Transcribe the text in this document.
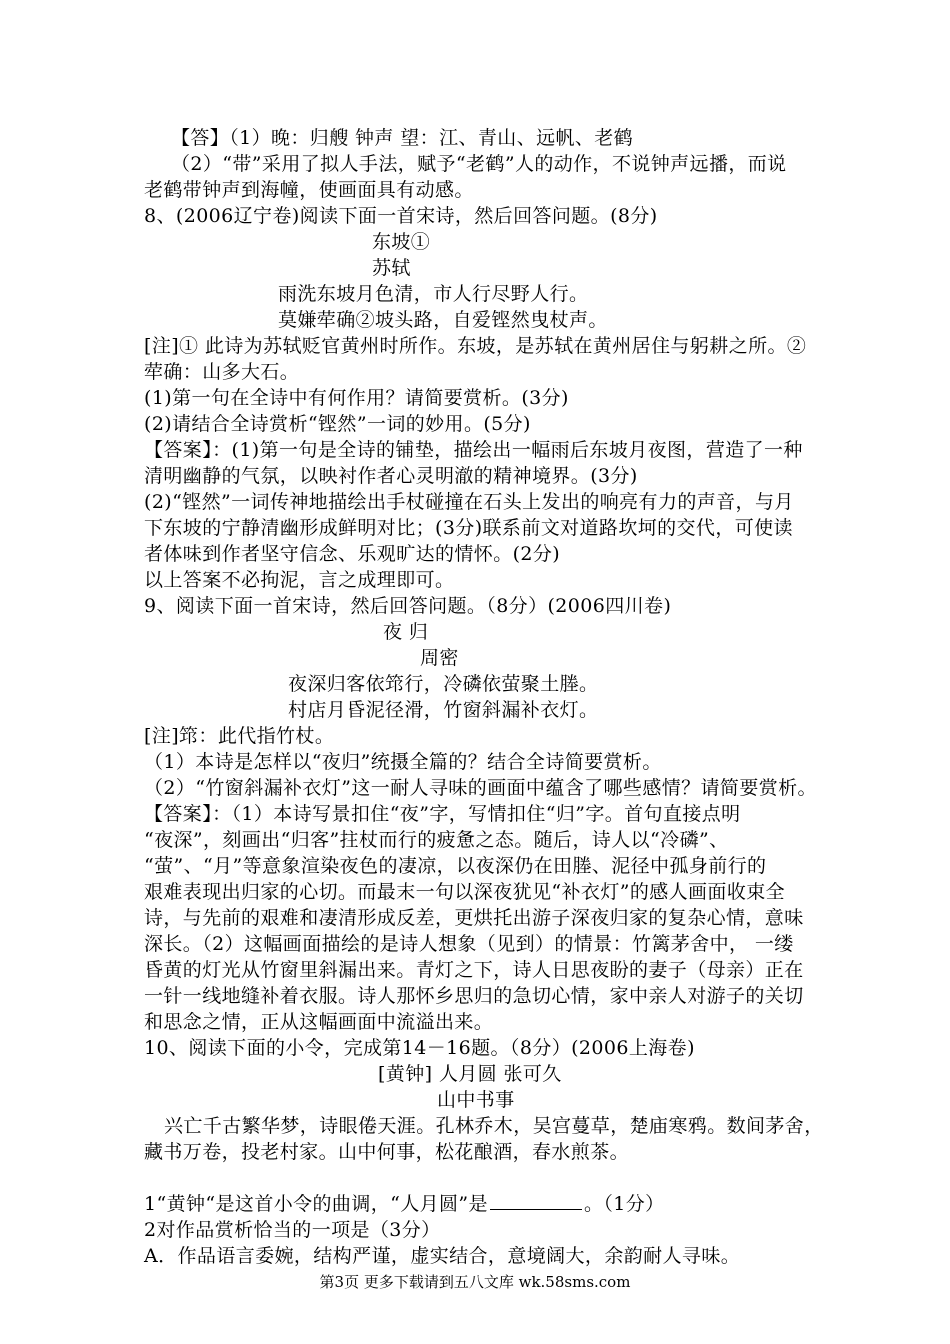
【答】（1）晚：归艘 钟声 望：江、青山、远帆、老鹤
（2）“带”采用了拟人手法，赋予“老鹤”人的动作，不说钟声远播，而说
老鹤带钟声到海幢，使画面具有动感。
8、(2006辽宁卷)阅读下面一首宋诗，然后回答问题。(8分)
东坡①
苏轼
雨洗东坡月色清，市人行尽野人行。
莫嫌荦确②坡头路，自爱铿然曳杖声。
[注]① 此诗为苏轼贬官黄州时所作。东坡，是苏轼在黄州居住与躬耕之所。②
荦确：山多大石。
(1)第一句在全诗中有何作用？请简要赏析。(3分)
(2)请结合全诗赏析“铿然”一词的妙用。(5分)
【答案】：(1)第一句是全诗的铺垫，描绘出一幅雨后东坡月夜图，营造了一种
清明幽静的气氛，以映衬作者心灵明澈的精神境界。(3分)
(2)“铿然”一词传神地描绘出手杖碰撞在石头上发出的响亮有力的声音，与月
下东坡的宁静清幽形成鲜明对比；(3分)联系前文对道路坎坷的交代，可使读
者体味到作者坚守信念、乐观旷达的情怀。(2分)
以上答案不必拘泥，言之成理即可。
9、阅读下面一首宋诗，然后回答问题。（8分）(2006四川卷)
夜 归
周密
夜深归客依筇行，冷磷依萤聚土塍。
村店月昏泥径滑，竹窗斜漏补衣灯。
[注]筇：此代指竹杖。
（1）本诗是怎样以“夜归”统摄全篇的？结合全诗简要赏析。
（2）“竹窗斜漏补衣灯”这一耐人寻味的画面中蕴含了哪些感情？请简要赏析。
【答案】：（1）本诗写景扣住“夜”字，写情扣住“归”字。首句直接点明
“夜深”，刻画出“归客”拄杖而行的疲惫之态。随后，诗人以“冷磷”、
“萤”、“月”等意象渲染夜色的凄凉，以夜深仍在田塍、泥径中孤身前行的
艰难表现出归家的心切。而最末一句以深夜犹见“补衣灯”的感人画面收束全
诗，与先前的艰难和凄清形成反差，更烘托出游子深夜归家的复杂心情，意味
深长。（2）这幅画面描绘的是诗人想象（见到）的情景：竹篱茅舍中， 一缕
昏黄的灯光从竹窗里斜漏出来。青灯之下，诗人日思夜盼的妻子（母亲）正在
一针一线地缝补着衣服。诗人那怀乡思归的急切心情，家中亲人对游子的关切
和思念之情，正从这幅画面中流溢出来。
10、阅读下面的小令，完成第14－16题。（8分）(2006上海卷)
[黄钟] 人月圆 张可久
山中书事
兴亡千古繁华梦，诗眼倦天涯。孔林乔木，吴宫蔓草，楚庙寒鸦。数间茅舍，
藏书万卷，投老村家。山中何事，松花酿酒，春水煎茶。
1“黄钟“是这首小令的曲调，“人月圆”是	。（1分）
2对作品赏析恰当的一项是（3分）
A．作品语言委婉，结构严谨，虚实结合，意境阔大，余韵耐人寻味。
第3页 更多下载请到五八文库 wk.58sms.com
